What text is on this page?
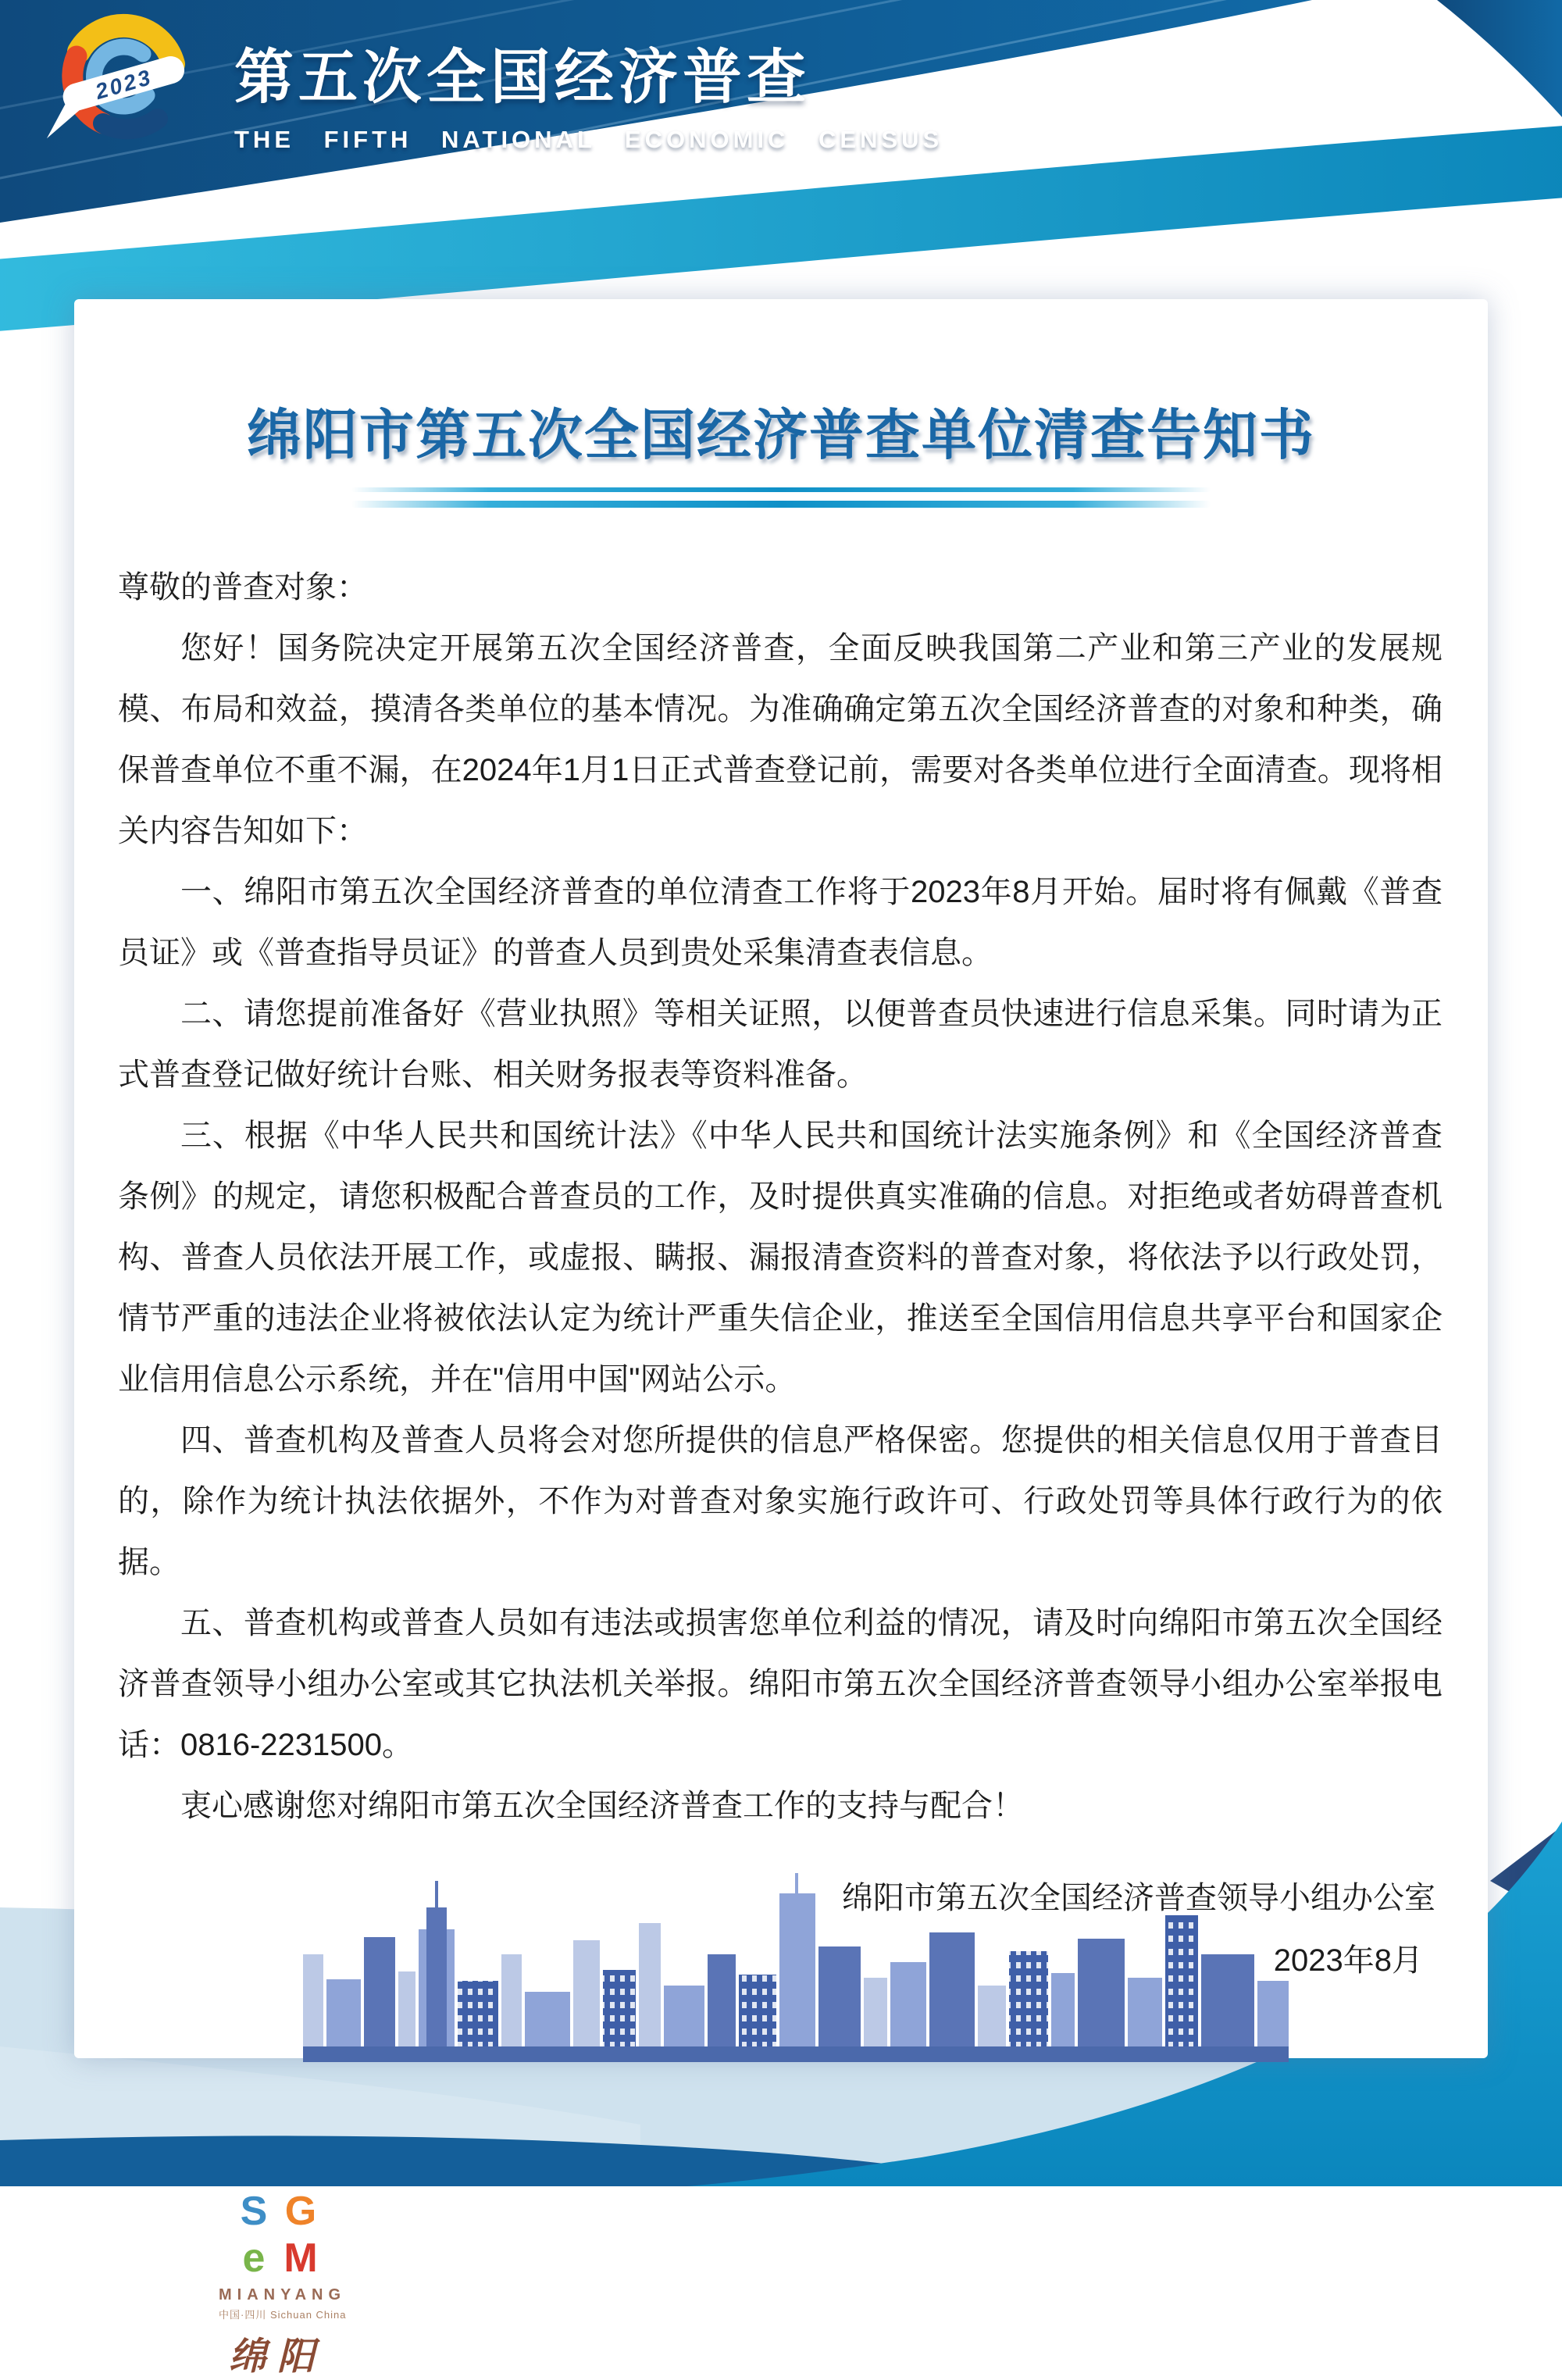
2023 第五次全国经济普查
THE FIFTH NATIONAL ECONOMIC CENSUS
绵阳市第五次全国经济普查单位清查告知书

尊敬的普查对象：

您好！国务院决定开展第五次全国经济普查，全面反映我国第二产业和第三产业的发展规模、布局和效益，摸清各类单位的基本情况。为准确确定第五次全国经济普查的对象和种类，确保普查单位不重不漏，在2024年1月1日正式普查登记前，需要对各类单位进行全面清查。现将相关内容告知如下：

一、绵阳市第五次全国经济普查的单位清查工作将于2023年8月开始。届时将有佩戴《普查员证》或《普查指导员证》的普查人员到贵处采集清查表信息。

二、请您提前准备好《营业执照》等相关证照，以便普查员快速进行信息采集。同时请为正式普查登记做好统计台账、相关财务报表等资料准备。

三、根据《中华人民共和国统计法》《中华人民共和国统计法实施条例》和《全国经济普查条例》的规定，请您积极配合普查员的工作，及时提供真实准确的信息。对拒绝或者妨碍普查机构、普查人员依法开展工作，或虚报、瞒报、漏报清查资料的普查对象，将依法予以行政处罚，情节严重的违法企业将被依法认定为统计严重失信企业，推送至全国信用信息共享平台和国家企业信用信息公示系统，并在"信用中国"网站公示。

四、普查机构及普查人员将会对您所提供的信息严格保密。您提供的相关信息仅用于普查目的，除作为统计执法依据外，不作为对普查对象实施行政许可、行政处罚等具体行政行为的依据。

五、普查机构或普查人员如有违法或损害您单位利益的情况，请及时向绵阳市第五次全国经济普查领导小组办公室或其它执法机关举报。绵阳市第五次全国经济普查领导小组办公室举报电话：0816-2231500。

衷心感谢您对绵阳市第五次全国经济普查工作的支持与配合！

绵阳市第五次全国经济普查领导小组办公室
2023年8月
S G
e M
MIANYANG
中国·四川 Sichuan China
绵阳
